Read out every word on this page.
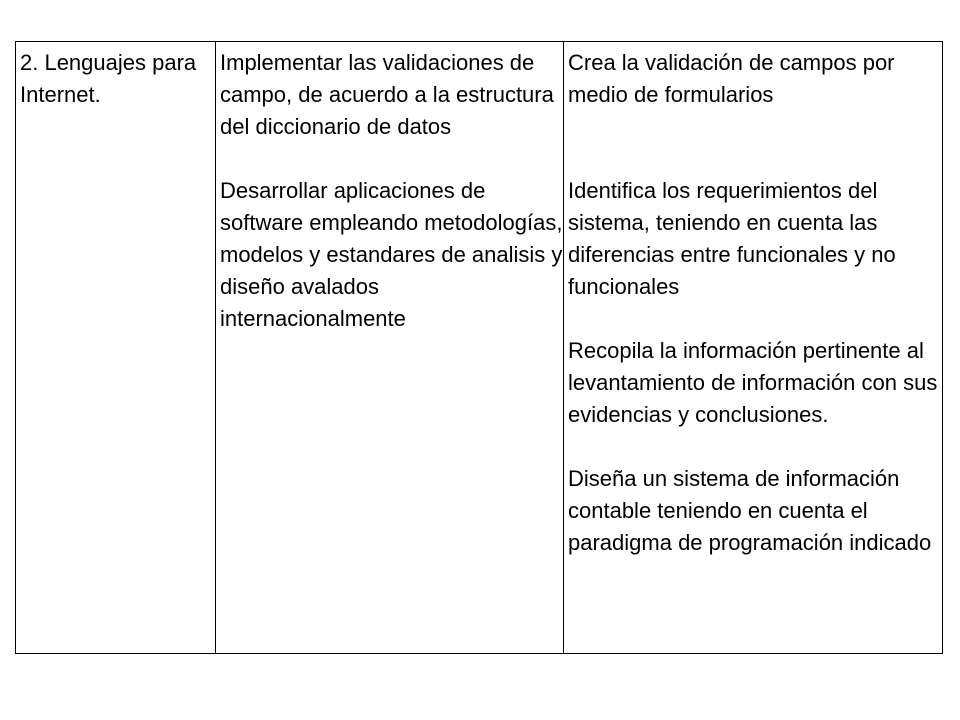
2. Lenguajes para Internet.

Implementar las validaciones de campo, de acuerdo a la estructura del diccionario de datos

Desarrollar aplicaciones de software empleando metodologías, modelos y estandares de analisis y diseño avalados internacionalmente

Crea la validación de campos por medio de formularios

Identifica los requerimientos del sistema, teniendo en cuenta las diferencias entre funcionales y no funcionales

Recopila la información pertinente al levantamiento de información con sus evidencias y conclusiones.

Diseña un sistema de información contable teniendo en cuenta el paradigma de programación indicado
